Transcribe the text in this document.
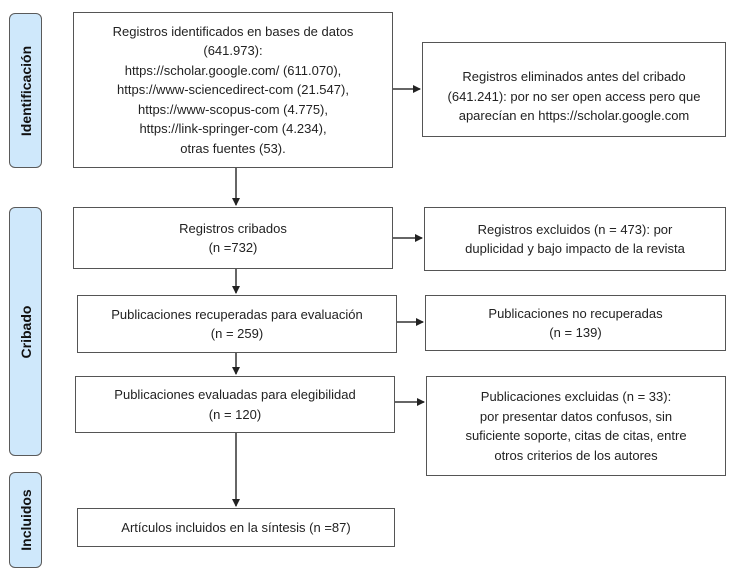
Identificación
Cribado
Incluidos
Registros identificados en bases de datos
(641.973):
https://scholar.google.com/ (611.070),
https://www-sciencedirect-com (21.547),
https://www-scopus-com (4.775),
https://link-springer-com (4.234),
otras fuentes (53).
Registros cribados
(n =732)
Publicaciones recuperadas para evaluación
(n = 259)
Publicaciones evaluadas para elegibilidad
(n = 120)
Artículos incluidos en la síntesis (n =87)
Registros eliminados antes del cribado
(641.241): por no ser open access pero que
aparecían en https://scholar.google.com
Registros excluidos (n = 473): por
duplicidad y bajo impacto de la revista
Publicaciones no recuperadas
(n = 139)
Publicaciones excluidas (n = 33):
por presentar datos confusos, sin
suficiente soporte, citas de citas, entre
otros criterios de los autores
